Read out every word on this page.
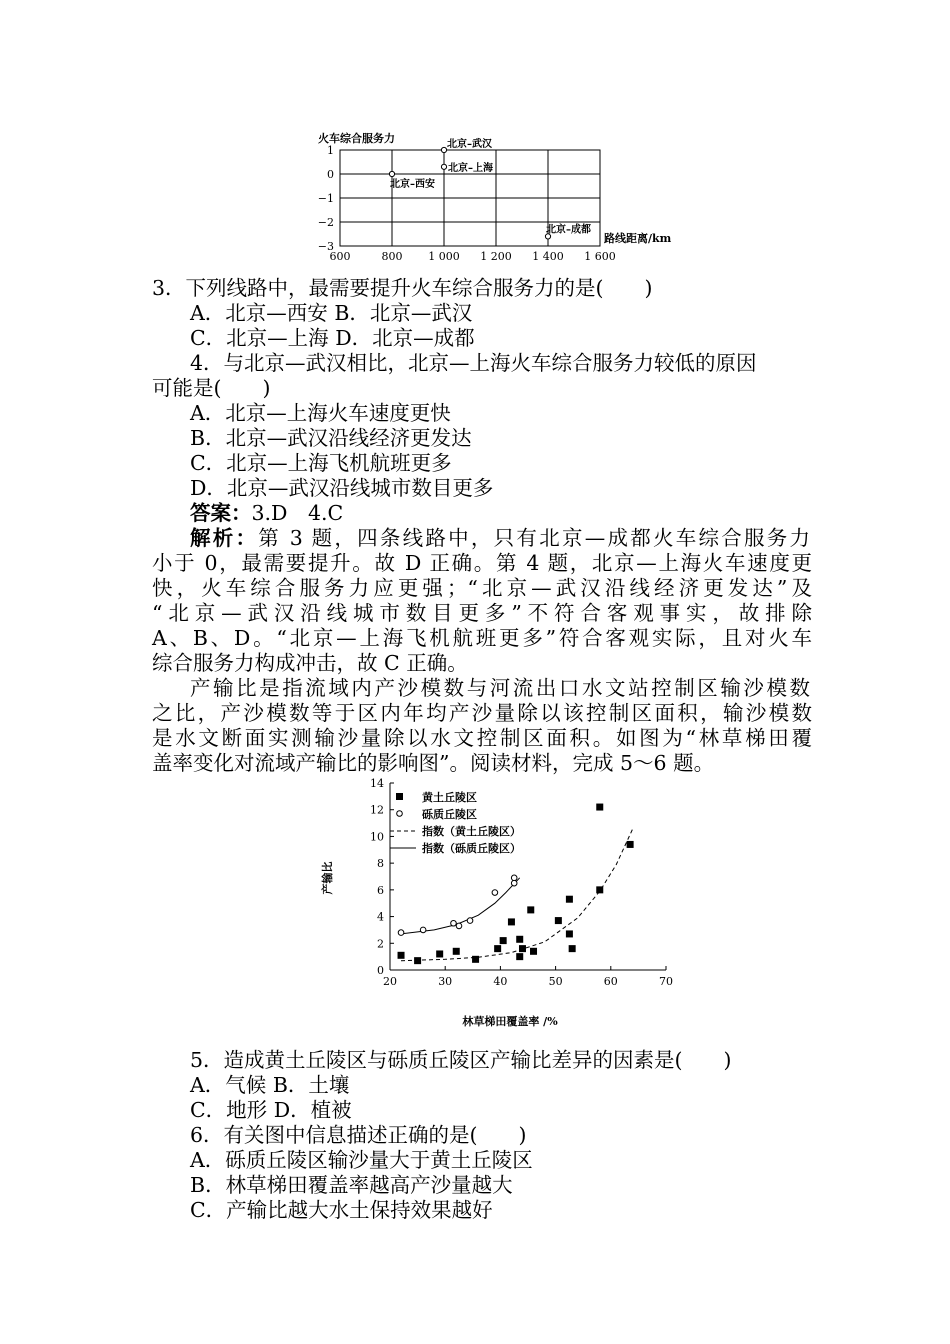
1
0
−1
−2
−3
600	800 1 000 1 200 1 400 1 600
北京–西安
北京–武汉
北京–上海
北京–成都
火车综合服务力
路线距离/km
3．下列线路中，最需要提升火车综合服务力的是(　　)
A．北京—西安 B．北京—武汉
C．北京—上海 D．北京—成都
4．与北京—武汉相比，北京—上海火车综合服务力较低的原因
可能是(　　)
A．北京—上海火车速度更快
B．北京—武汉沿线经济更发达
C．北京—上海飞机航班更多
D．北京—武汉沿线城市数目更多
答案：3.D　4.C
解析：第 3 题，四条线路中，只有北京—成都火车综合服务力
小于 0，最需要提升。故 D 正确。第 4 题，北京—上海火车速度更
快，火车综合服务力应更强；“北京—武汉沿线经济更发达”及
“北京—武汉沿线城市数目更多”不符合客观事实，故排除
A、B、D。“北京—上海飞机航班更多”符合客观实际，且对火车
综合服务力构成冲击，故 C 正确。
产输比是指流域内产沙模数与河流出口水文站控制区输沙模数
之比，产沙模数等于区内年均产沙量除以该控制区面积，输沙模数
是水文断面实测输沙量除以水文控制区面积。如图为“林草梯田覆
盖率变化对流域产输比的影响图”。阅读材料，完成 5～6 题。
0
2
4
6
8
10
12
14
20	30	40	50	60	70
黄土丘陵区
砾质丘陵区
指数（黄土丘陵区）
指数（砾质丘陵区）
产输比
林草梯田覆盖率 /%
5．造成黄土丘陵区与砾质丘陵区产输比差异的因素是(　　)
A．气候 B．土壤
C．地形 D．植被
6．有关图中信息描述正确的是(　　)
A．砾质丘陵区输沙量大于黄土丘陵区
B．林草梯田覆盖率越高产沙量越大
C．产输比越大水土保持效果越好
